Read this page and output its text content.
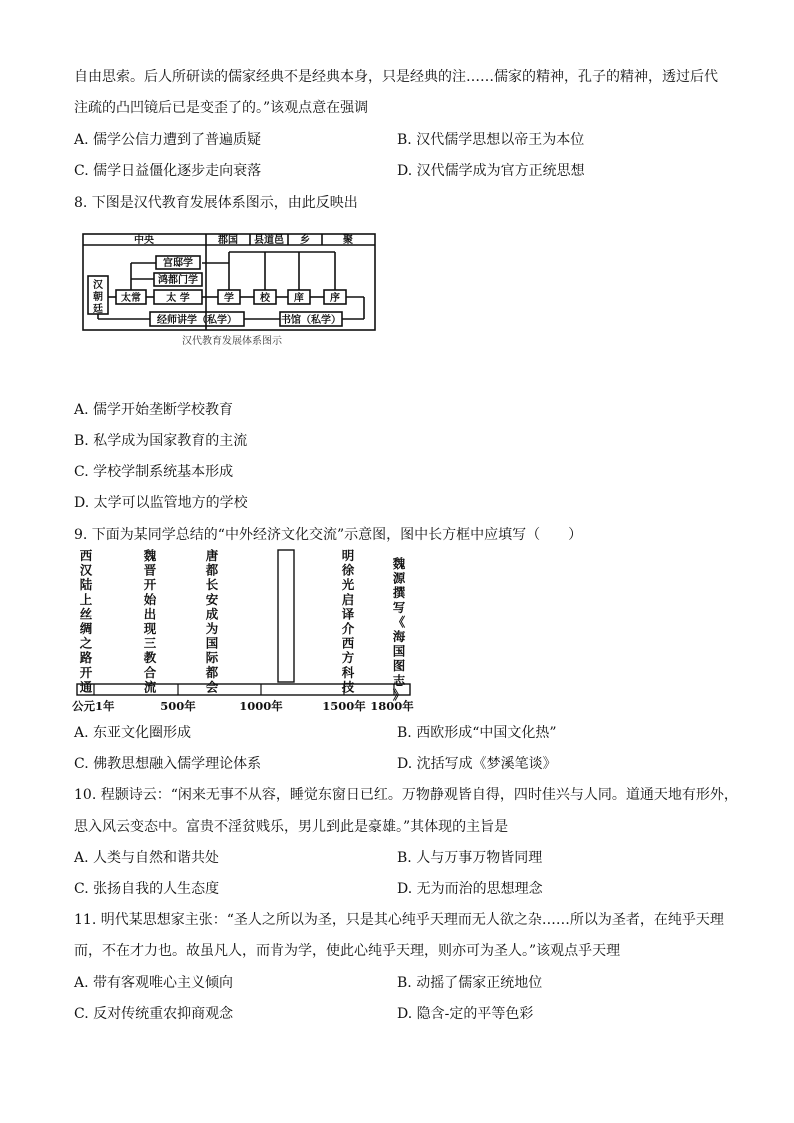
自由思索。后人所研读的儒家经典不是经典本身，只是经典的注……儒家的精神，孔子的精神，透过后代
注疏的凸凹镜后已是变歪了的。”该观点意在强调
A. 儒学公信力遭到了普遍质疑	B. 汉代儒学思想以帝王为本位
C. 儒学日益僵化逐步走向衰落	D. 汉代儒学成为官方正统思想
8. 下图是汉代教育发展体系图示，由此反映出
中央	郡国 县道邑 乡	聚
汉
朝
廷
太常
宫邸学
鸿都门学
太 学	学	校 庠	序
经师讲学（私学）	书馆（私学）
汉代教育发展体系图示
A. 儒学开始垄断学校教育
B. 私学成为国家教育的主流
C. 学校学制系统基本形成
D. 太学可以监管地方的学校
9. 下面为某同学总结的“中外经济文化交流”示意图，图中长方框中应填写（　　）
西汉陆上丝绸之路开通
魏晋开始出现三教合流
唐都长安成为国际都会
明徐光启译介西方科技
魏源撰写《海国图志》
公元1年	500年	1000年	1500年 1800年
A. 东亚文化圈形成	B. 西欧形成“中国文化热”
C. 佛教思想融入儒学理论体系	D. 沈括写成《梦溪笔谈》
10. 程颢诗云：“闲来无事不从容，睡觉东窗日已红。万物静观皆自得，四时佳兴与人同。道通天地有形外，
思入风云变态中。富贵不淫贫贱乐，男儿到此是豪雄。”其体现的主旨是
A. 人类与自然和谐共处	B. 人与万事万物皆同理
C. 张扬自我的人生态度	D. 无为而治的思想理念
11. 明代某思想家主张：“圣人之所以为圣，只是其心纯乎天理而无人欲之杂……所以为圣者，在纯乎天理
而，不在才力也。故虽凡人，而肯为学，使此心纯乎天理，则亦可为圣人。”该观点乎天理
A. 带有客观唯心主义倾向	B. 动摇了儒家正统地位
C. 反对传统重农抑商观念	D. 隐含-定的平等色彩
